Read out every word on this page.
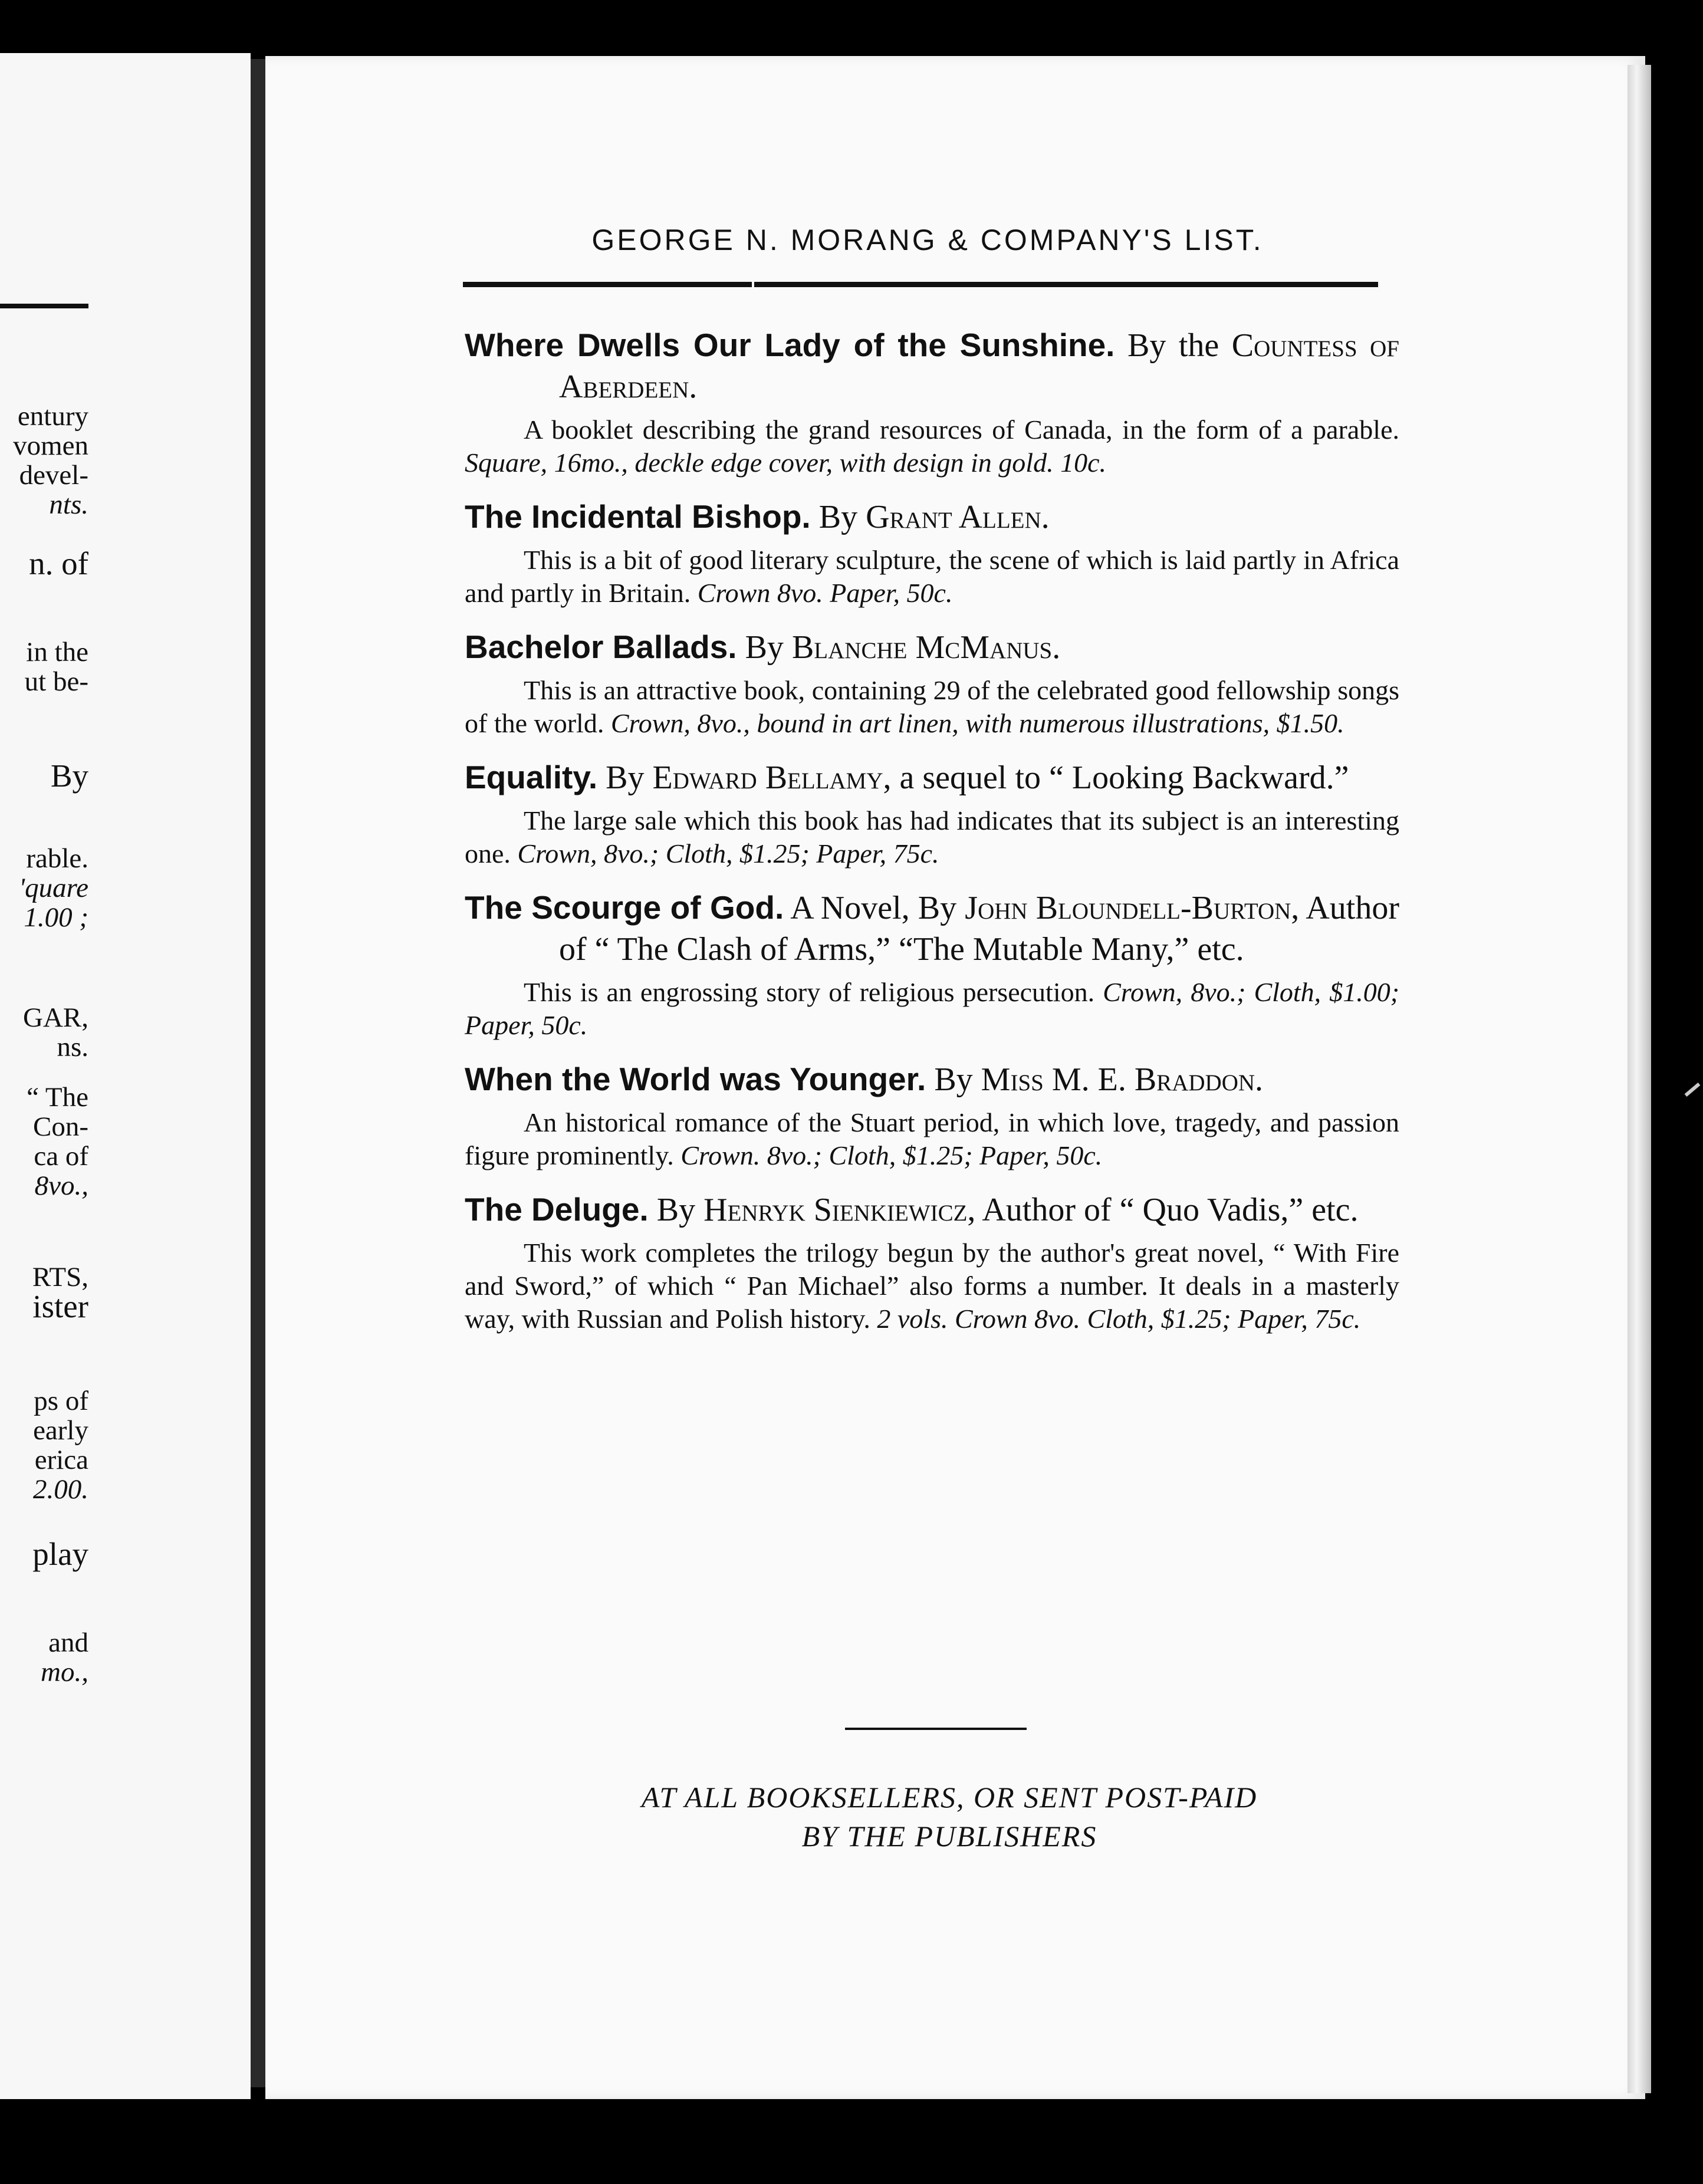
entury
vomen
devel-
nts.
n. of
in the
ut be-
By
rable.
'quare
1.00 ;
GAR,
ns.
“ The
Con-
ca of
8vo.,
RTS,
ister
ps of
early
erica
2.00.
play
and
mo.,
GEORGE N. MORANG & COMPANY'S LIST.
Where Dwells Our Lady of the Sunshine. By the Countess of Aberdeen.
A booklet describing the grand resources of Canada, in the form of a parable. Square, 16mo., deckle edge cover, with design in gold. 10c.
The Incidental Bishop. By Grant Allen.
This is a bit of good literary sculpture, the scene of which is laid partly in Africa and partly in Britain. Crown 8vo. Paper, 50c.
Bachelor Ballads. By Blanche McManus.
This is an attractive book, containing 29 of the celebrated good fellowship songs of the world. Crown, 8vo., bound in art linen, with numerous illustrations, $1.50.
Equality. By Edward Bellamy, a sequel to “ Looking Backward.”
The large sale which this book has had indicates that its subject is an interesting one. Crown, 8vo.; Cloth, $1.25; Paper, 75c.
The Scourge of God. A Novel, By John Bloundell-Burton, Author of “ The Clash of Arms,” “The Mutable Many,” etc.
This is an engrossing story of religious persecution. Crown, 8vo.; Cloth, $1.00; Paper, 50c.
When the World was Younger. By Miss M. E. Braddon.
An historical romance of the Stuart period, in which love, tragedy, and passion figure prominently. Crown. 8vo.; Cloth, $1.25; Paper, 50c.
The Deluge. By Henryk Sienkiewicz, Author of “ Quo Vadis,” etc.
This work completes the trilogy begun by the author's great novel, “ With Fire and Sword,” of which “ Pan Michael” also forms a number. It deals in a masterly way, with Russian and Polish history. 2 vols. Crown 8vo. Cloth, $1.25; Paper, 75c.
AT ALL BOOKSELLERS, OR SENT POST-PAID
BY THE PUBLISHERS
